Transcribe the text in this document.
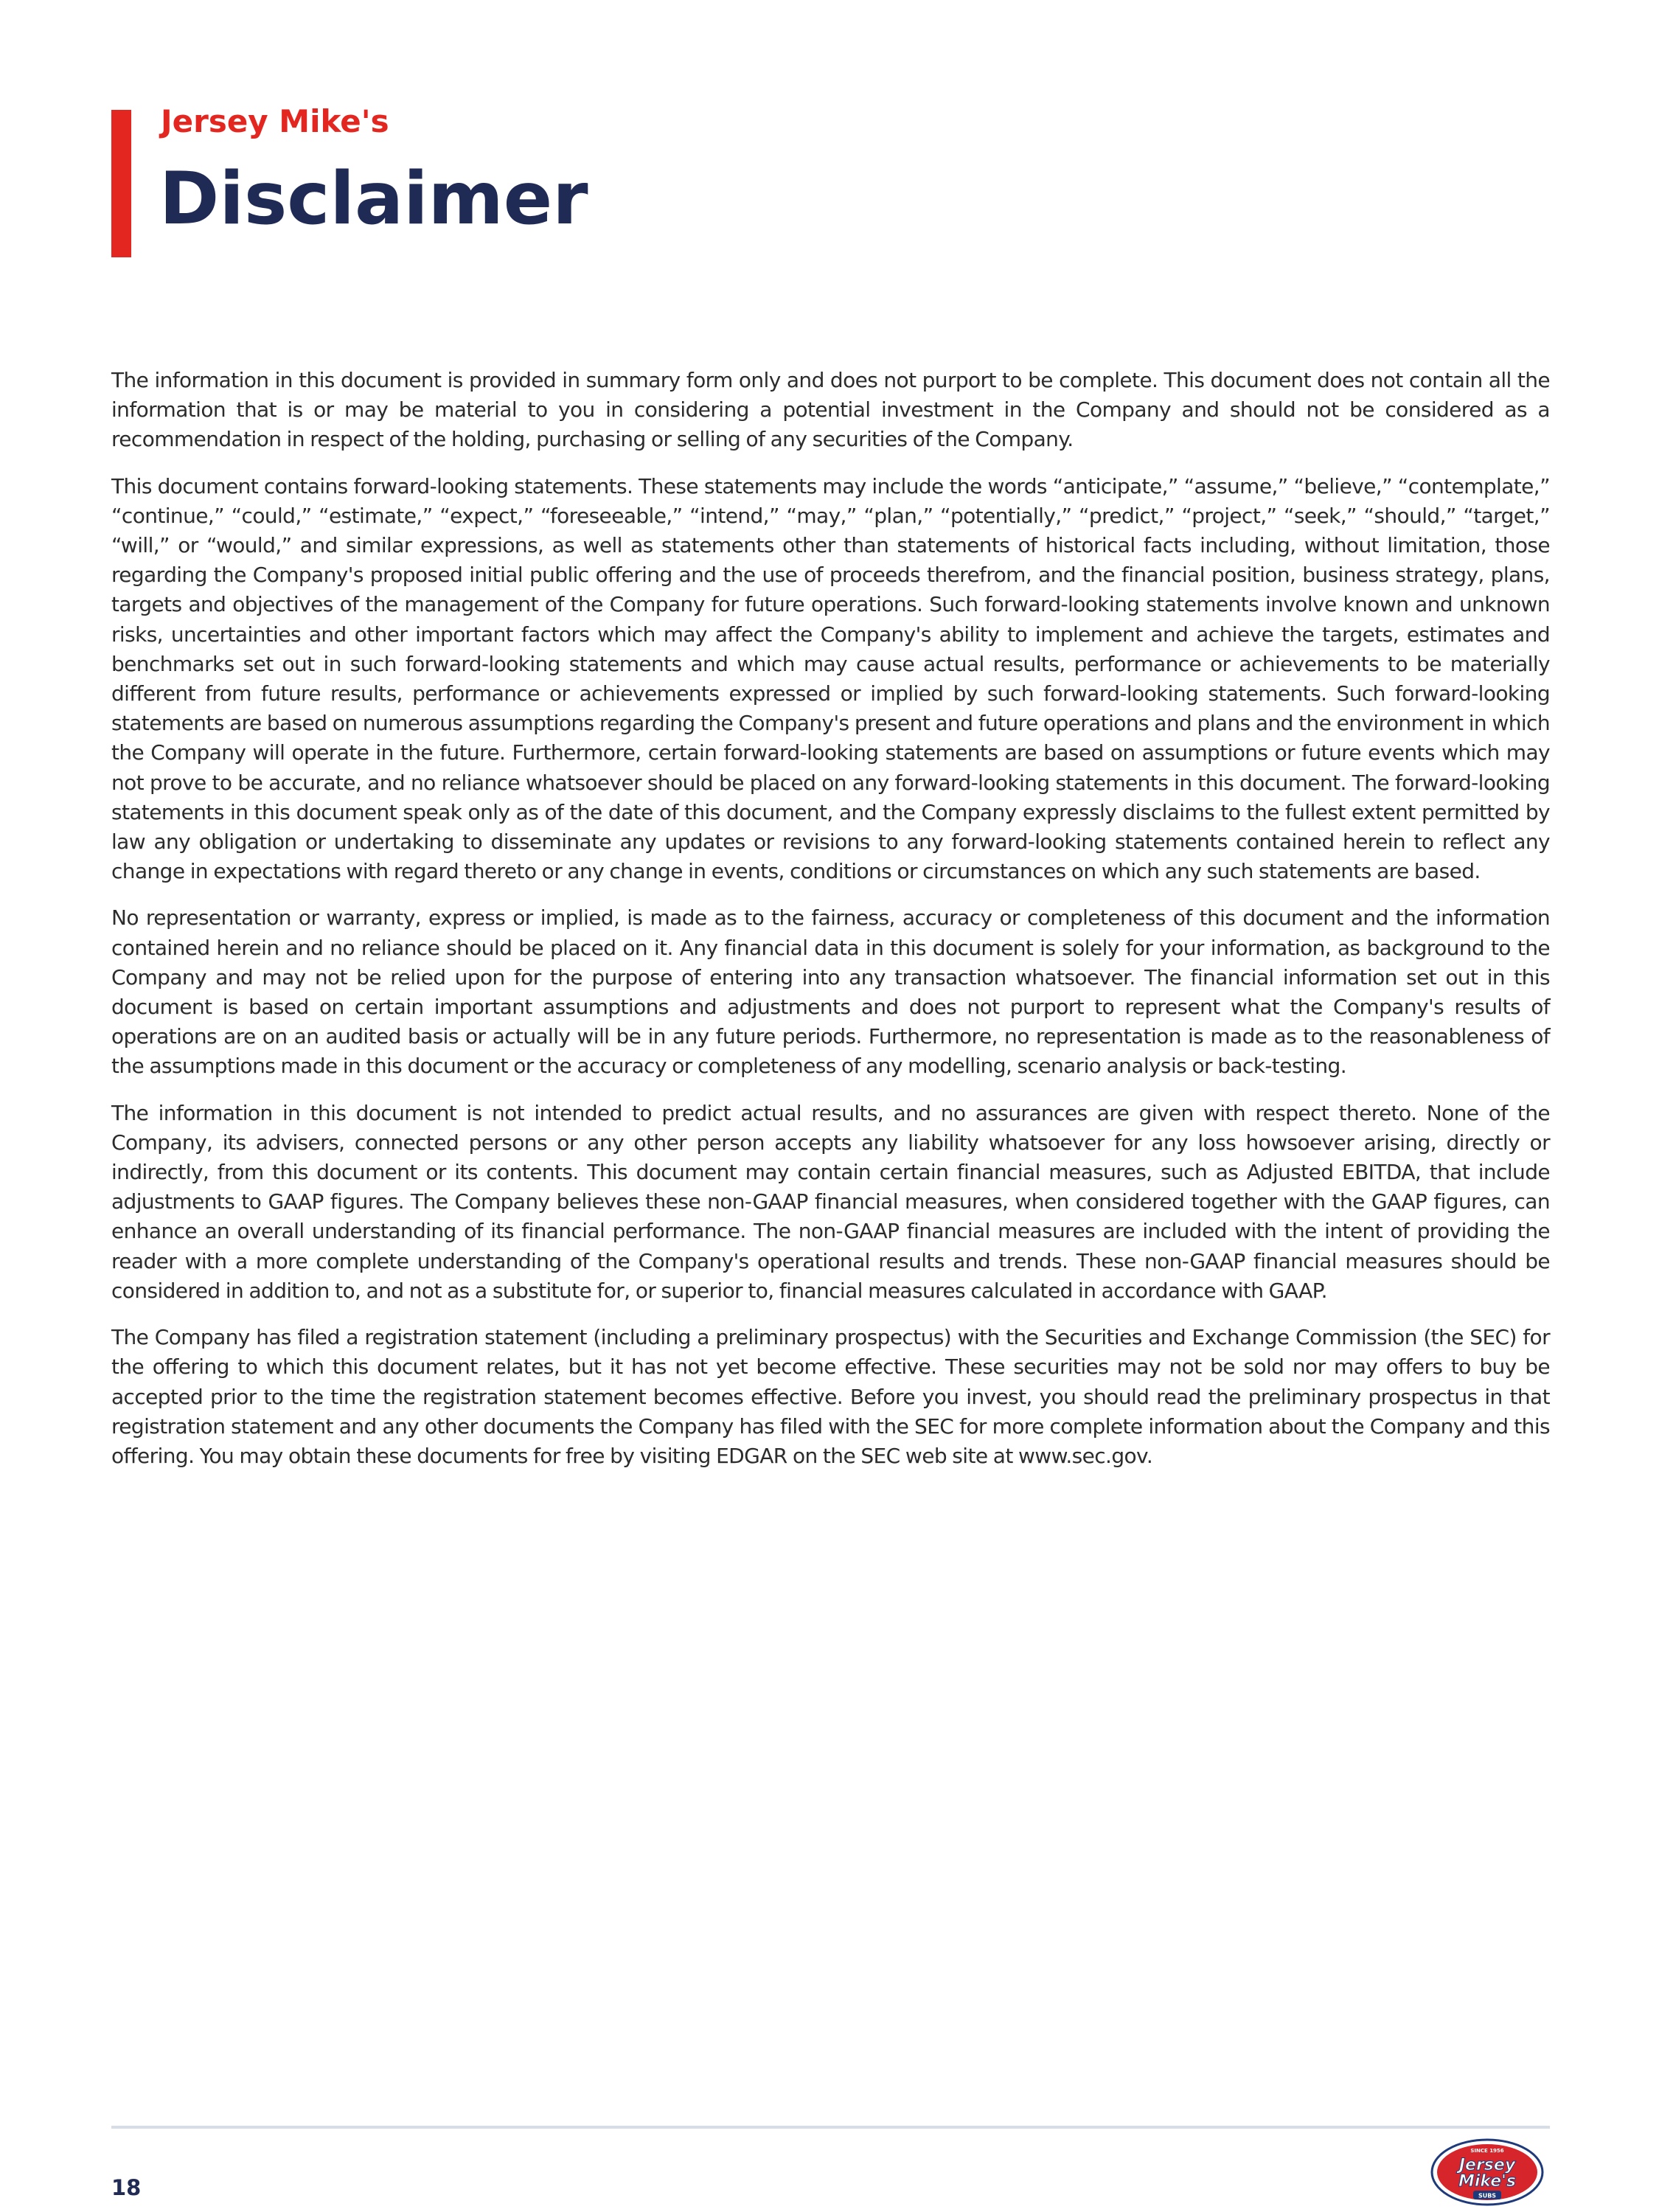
Jersey Mike's
Disclaimer

The information in this document is provided in summary form only and does not purport to be complete. This document does not contain all the information that is or may be material to you in considering a potential investment in the Company and should not be considered as a recommendation in respect of the holding, purchasing or selling of any securities of the Company.

This document contains forward-looking statements. These statements may include the words “anticipate,” “assume,” “believe,” “contemplate,” “continue,” “could,” “estimate,” “expect,” “foreseeable,” “intend,” “may,” “plan,” “potentially,” “predict,” “project,” “seek,” “should,” “target,” “will,” or “would,” and similar expressions, as well as statements other than statements of historical facts including, without limitation, those regarding the Company's proposed initial public offering and the use of proceeds therefrom, and the financial position, business strategy, plans, targets and objectives of the management of the Company for future operations. Such forward-looking statements involve known and unknown risks, uncertainties and other important factors which may affect the Company's ability to implement and achieve the targets, estimates and benchmarks set out in such forward-looking statements and which may cause actual results, performance or achievements to be materially different from future results, performance or achievements expressed or implied by such forward-looking statements. Such forward-looking statements are based on numerous assumptions regarding the Company's present and future operations and plans and the environment in which the Company will operate in the future. Furthermore, certain forward-looking statements are based on assumptions or future events which may not prove to be accurate, and no reliance whatsoever should be placed on any forward-looking statements in this document. The forward-looking statements in this document speak only as of the date of this document, and the Company expressly disclaims to the fullest extent permitted by law any obligation or undertaking to disseminate any updates or revisions to any forward-looking statements contained herein to reflect any change in expectations with regard thereto or any change in events, conditions or circumstances on which any such statements are based.

No representation or warranty, express or implied, is made as to the fairness, accuracy or completeness of this document and the information contained herein and no reliance should be placed on it. Any financial data in this document is solely for your information, as background to the Company and may not be relied upon for the purpose of entering into any transaction whatsoever. The financial information set out in this document is based on certain important assumptions and adjustments and does not purport to represent what the Company's results of operations are on an audited basis or actually will be in any future periods. Furthermore, no representation is made as to the reasonableness of the assumptions made in this document or the accuracy or completeness of any modelling, scenario analysis or back-testing.

The information in this document is not intended to predict actual results, and no assurances are given with respect thereto. None of the Company, its advisers, connected persons or any other person accepts any liability whatsoever for any loss howsoever arising, directly or indirectly, from this document or its contents. This document may contain certain financial measures, such as Adjusted EBITDA, that include adjustments to GAAP figures. The Company believes these non-GAAP financial measures, when considered together with the GAAP figures, can enhance an overall understanding of its financial performance. The non-GAAP financial measures are included with the intent of providing the reader with a more complete understanding of the Company's operational results and trends. These non-GAAP financial measures should be considered in addition to, and not as a substitute for, or superior to, financial measures calculated in accordance with GAAP.

The Company has filed a registration statement (including a preliminary prospectus) with the Securities and Exchange Commission (the SEC) for the offering to which this document relates, but it has not yet become effective. These securities may not be sold nor may offers to buy be accepted prior to the time the registration statement becomes effective. Before you invest, you should read the preliminary prospectus in that registration statement and any other documents the Company has filed with the SEC for more complete information about the Company and this offering. You may obtain these documents for free by visiting EDGAR on the SEC web site at www.sec.gov.

18
SINCE 1956
Jersey
Mike's
SUBS
